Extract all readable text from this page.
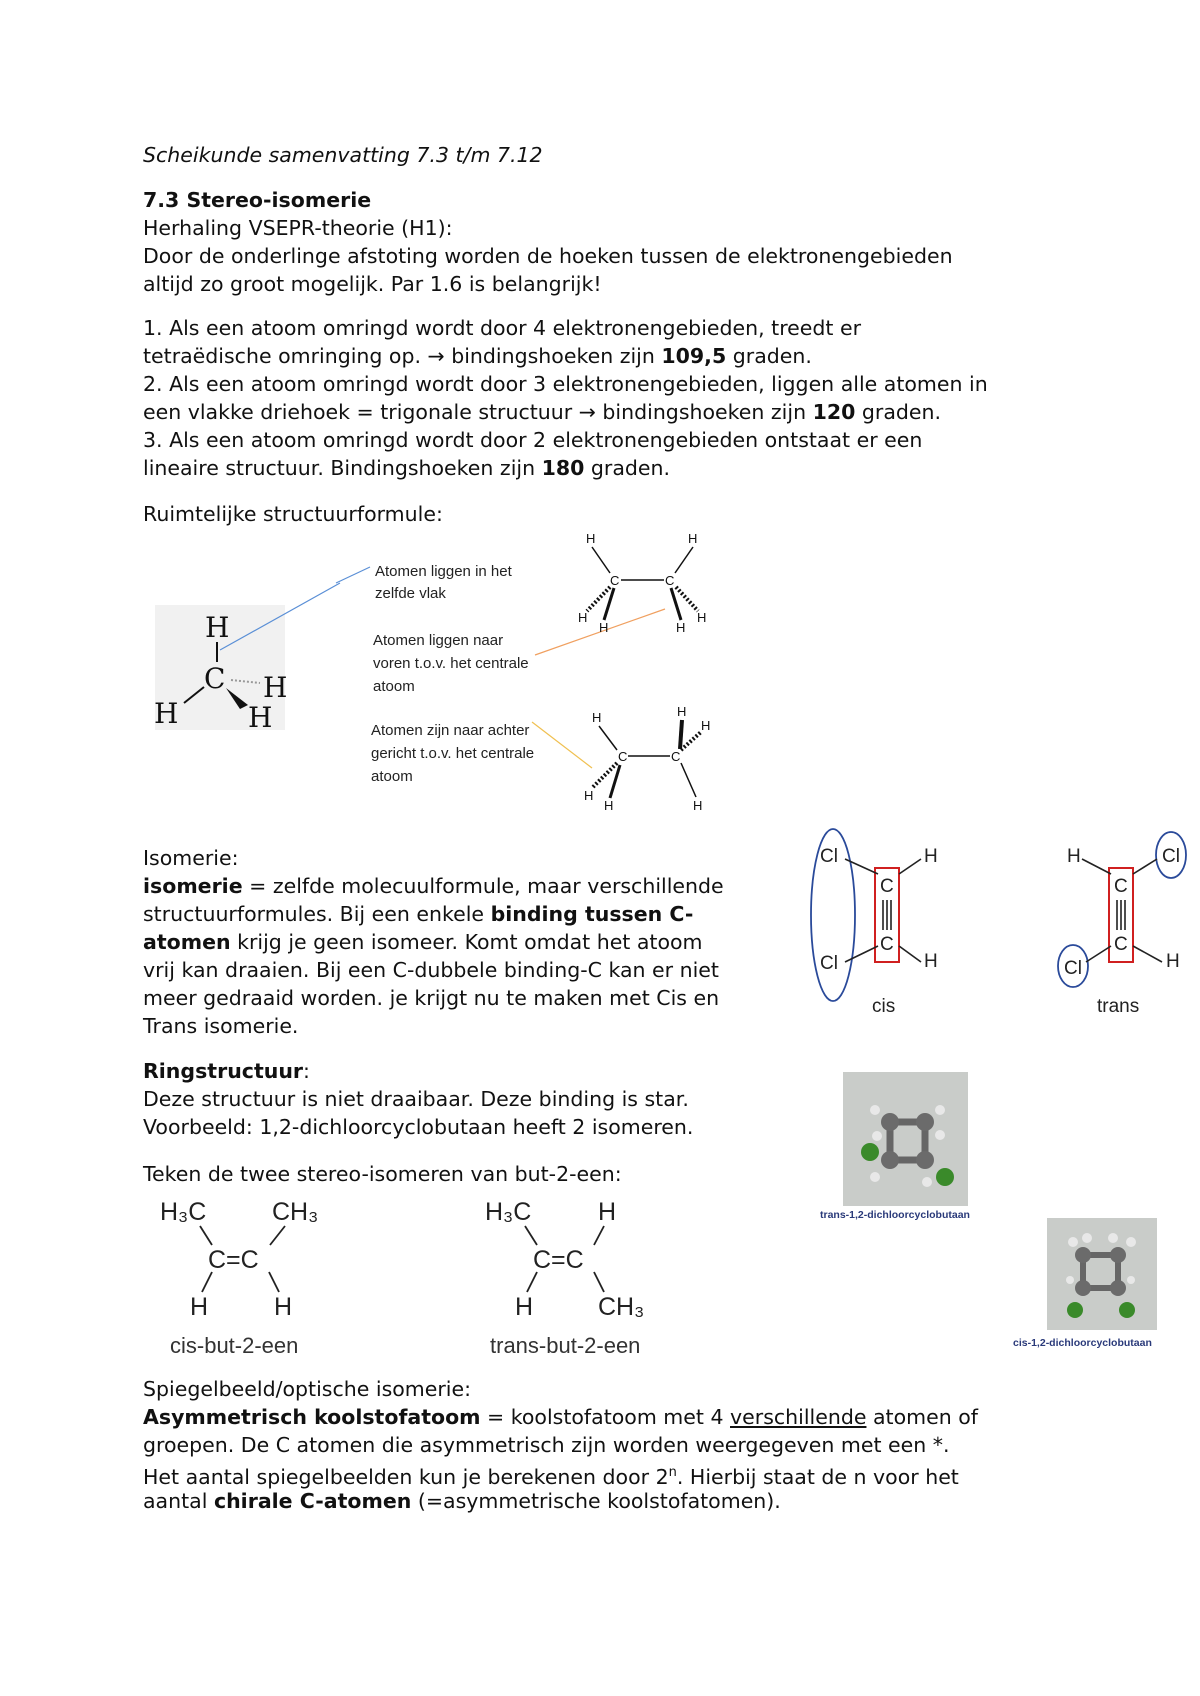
Scheikunde samenvatting 7.3 t/m 7.12
7.3 Stereo-isomerie
Herhaling VSEPR-theorie (H1):
Door de onderlinge afstoting worden de hoeken tussen de elektronengebieden
altijd zo groot mogelijk. Par 1.6 is belangrijk!
1. Als een atoom omringd wordt door 4 elektronengebieden, treedt er
tetraëdische omringing op. → bindingshoeken zijn 109,5 graden.
2. Als een atoom omringd wordt door 3 elektronengebieden, liggen alle atomen in
een vlakke driehoek = trigonale structuur → bindingshoeken zijn 120 graden.
3. Als een atoom omringd wordt door 2 elektronengebieden ontstaat er een
lineaire structuur. Bindingshoeken zijn 180 graden.
Ruimtelijke structuurformule:
H
C H
H H
Atomen liggen in het
zelfde vlak
Atomen liggen naar
voren t.o.v. het centrale
atoom
Atomen zijn naar achter
gericht t.o.v. het centrale
atoom
H	H
C	C
H
H	H
H
H	H
H
C	C
H
H	H
Isomerie:
isomerie = zelfde molecuulformule, maar verschillende
structuurformules. Bij een enkele binding tussen C-
atomen krijg je geen isomeer. Komt omdat het atoom
vrij kan draaien. Bij een C-dubbele binding-C kan er niet
meer gedraaid worden. je krijgt nu te maken met Cis en
Trans isomerie.
Cl	H
C
C
Cl	H
cis
H	Cl
C
C
Cl	H
trans
Ringstructuur:
Deze structuur is niet draaibaar. Deze binding is star.
Voorbeeld: 1,2-dichloorcyclobutaan heeft 2 isomeren.
trans-1,2-dichloorcyclobutaan
cis-1,2-dichloorcyclobutaan
Teken de twee stereo-isomeren van but-2-een:
H₃C	CH₃
C=C
H	H
H₃C	H
C=C
H	CH₃
cis-but-2-een	trans-but-2-een
Spiegelbeeld/optische isomerie:
Asymmetrisch koolstofatoom = koolstofatoom met 4 verschillende atomen of
groepen. De C atomen die asymmetrisch zijn worden weergegeven met een *.
Het aantal spiegelbeelden kun je berekenen door 2$^n$. Hierbij staat de n voor het
aantal chirale C-atomen (=asymmetrische koolstofatomen).
